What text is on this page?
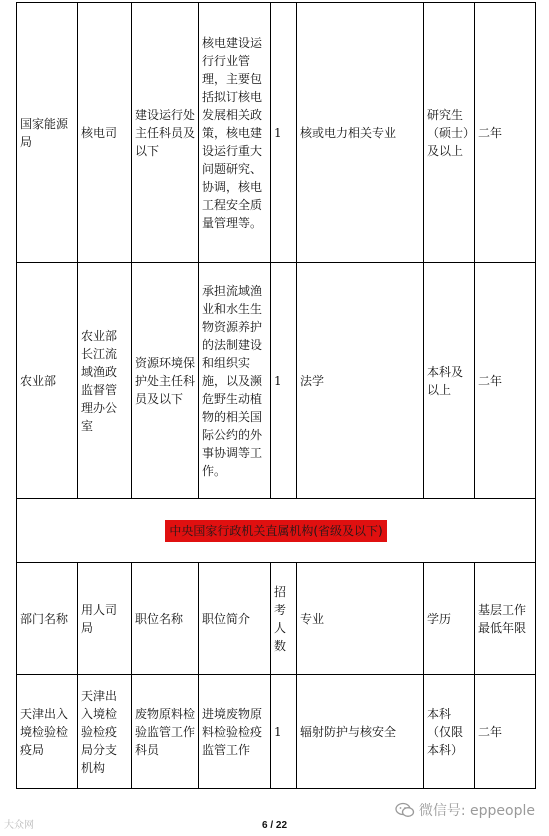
国家能源局	核电司	建设运行处主任科员及以下	核电建设运行行业管理，主要包括拟订核电发展相关政策，核电建设运行重大问题研究、协调，核电工程安全质量管理等。	1	核或电力相关专业	研究生（硕士）及以上	二年
农业部	农业部长江流域渔政监督管理办公室	资源环境保护处主任科员及以下	承担流域渔业和水生生物资源养护的法制建设和组织实施，以及濒危野生动植物的相关国际公约的外事协调等工作。	1	法学	本科及以上	二年

中央国家行政机关直属机构(省级及以下)							

部门名称	用人司局	职位名称	职位简介	招考人数	专业	学历	基层工作最低年限
天津出入境检验检疫局	天津出入境检验检疫局分支机构	废物原料检验监管工作科员	进境废物原料检验检疫监管工作	1	辐射防护与核安全	本科（仅限本科）	二年
大众网	6 / 22
微信号: eppeople
